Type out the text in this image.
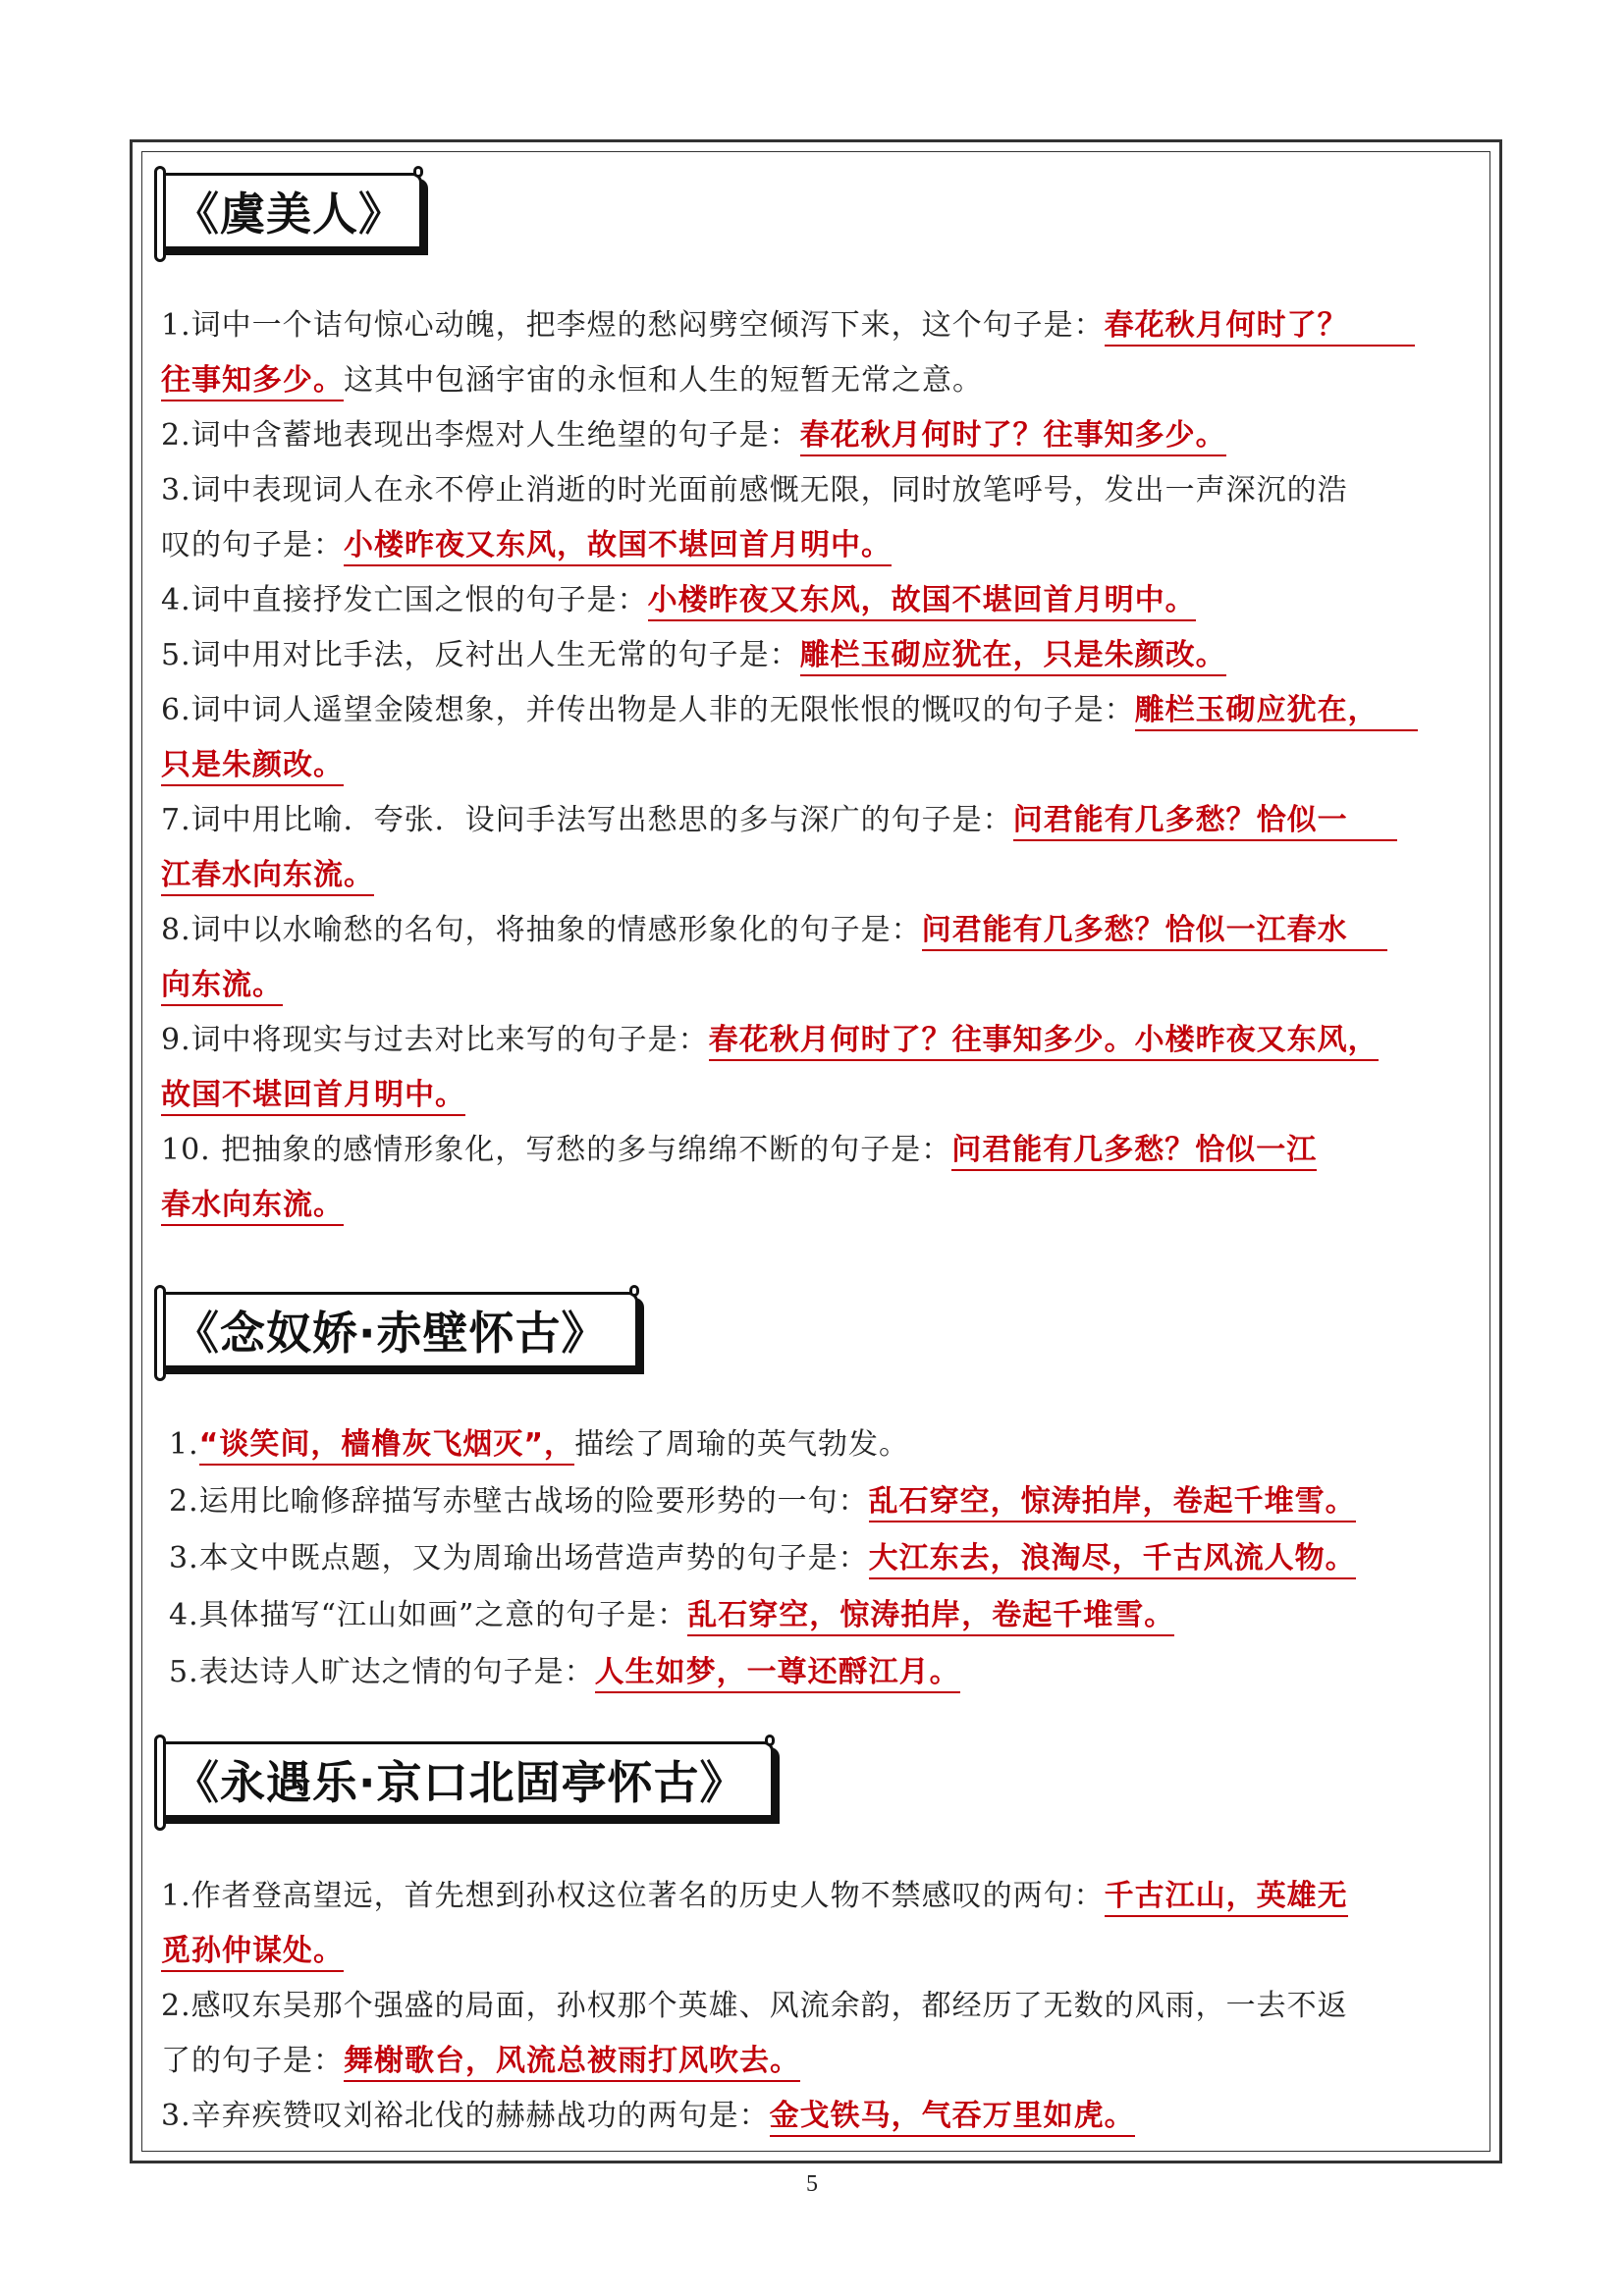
《虞美人》
1.词中一个诘句惊心动魄，把李煜的愁闷劈空倾泻下来，这个句子是：春花秋月何时了？
往事知多少。这其中包涵宇宙的永恒和人生的短暂无常之意。
2.词中含蓄地表现出李煜对人生绝望的句子是：春花秋月何时了？往事知多少。
3.词中表现词人在永不停止消逝的时光面前感慨无限，同时放笔呼号，发出一声深沉的浩
叹的句子是：小楼昨夜又东风，故国不堪回首月明中。
4.词中直接抒发亡国之恨的句子是：小楼昨夜又东风，故国不堪回首月明中。
5.词中用对比手法，反衬出人生无常的句子是：雕栏玉砌应犹在，只是朱颜改。
6.词中词人遥望金陵想象，并传出物是人非的无限怅恨的慨叹的句子是：雕栏玉砌应犹在，
只是朱颜改。
7.词中用比喻．夸张．设问手法写出愁思的多与深广的句子是：问君能有几多愁？恰似一
江春水向东流。
8.词中以水喻愁的名句，将抽象的情感形象化的句子是：问君能有几多愁？恰似一江春水
向东流。
9.词中将现实与过去对比来写的句子是：春花秋月何时了？往事知多少。小楼昨夜又东风，
故国不堪回首月明中。
10. 把抽象的感情形象化，写愁的多与绵绵不断的句子是：问君能有几多愁？恰似一江
春水向东流。
《念奴娇·赤壁怀古》
1.“谈笑间，樯橹灰飞烟灭”，描绘了周瑜的英气勃发。
2.运用比喻修辞描写赤壁古战场的险要形势的一句：乱石穿空，惊涛拍岸，卷起千堆雪。
3.本文中既点题，又为周瑜出场营造声势的句子是：大江东去，浪淘尽，千古风流人物。
4.具体描写“江山如画”之意的句子是：乱石穿空，惊涛拍岸，卷起千堆雪。
5.表达诗人旷达之情的句子是：人生如梦，一尊还酹江月。
《永遇乐·京口北固亭怀古》
1.作者登高望远，首先想到孙权这位著名的历史人物不禁感叹的两句：千古江山，英雄无
觅孙仲谋处。
2.感叹东吴那个强盛的局面，孙权那个英雄、风流余韵，都经历了无数的风雨，一去不返
了的句子是：舞榭歌台，风流总被雨打风吹去。
3.辛弃疾赞叹刘裕北伐的赫赫战功的两句是：金戈铁马，气吞万里如虎。
5
